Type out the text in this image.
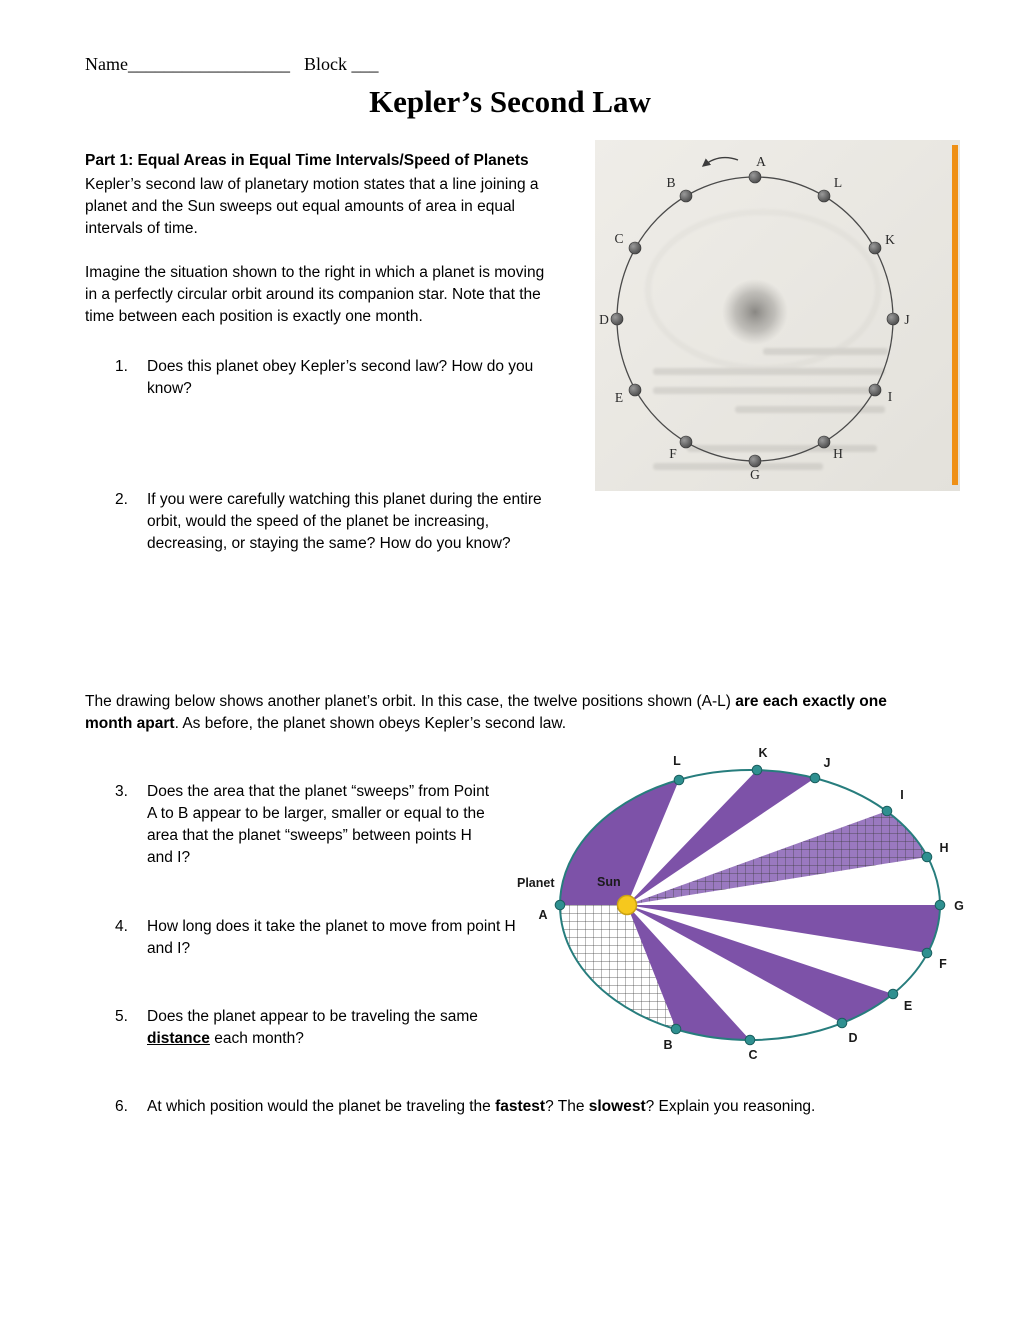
Name__________________ Block ___
Kepler’s Second Law
Part 1: Equal Areas in Equal Time Intervals/Speed of Planets

Kepler’s second law of planetary motion states that a line joining a planet and the Sun sweeps out equal amounts of area in equal intervals of time.

Imagine the situation shown to the right in which a planet is moving in a perfectly circular orbit around its companion star. Note that the time between each position is exactly one month.

1.	Does this planet obey Kepler’s second law? How do you know?
2.	If you were carefully watching this planet during the entire orbit, would the speed of the planet be increasing, decreasing, or staying the same? How do you know?
A
B
C
D
E
F
G
H
I
J
K
L

The drawing below shows another planet’s orbit. In this case, the twelve positions shown (A-L) are each exactly one month apart. As before, the planet shown obeys Kepler’s second law.

3.	Does the area that the planet “sweeps” from Point A to B appear to be larger, smaller or equal to the area that the planet “sweeps” between points H and I?
4.	How long does it take the planet to move from point H and I?
5.	Does the planet appear to be traveling the same distance each month?
6.	At which position would the planet be traveling the fastest? The slowest? Explain you reasoning.
A
B
C
D
E
F
G
H
I
J
K
L
Planet	Sun
